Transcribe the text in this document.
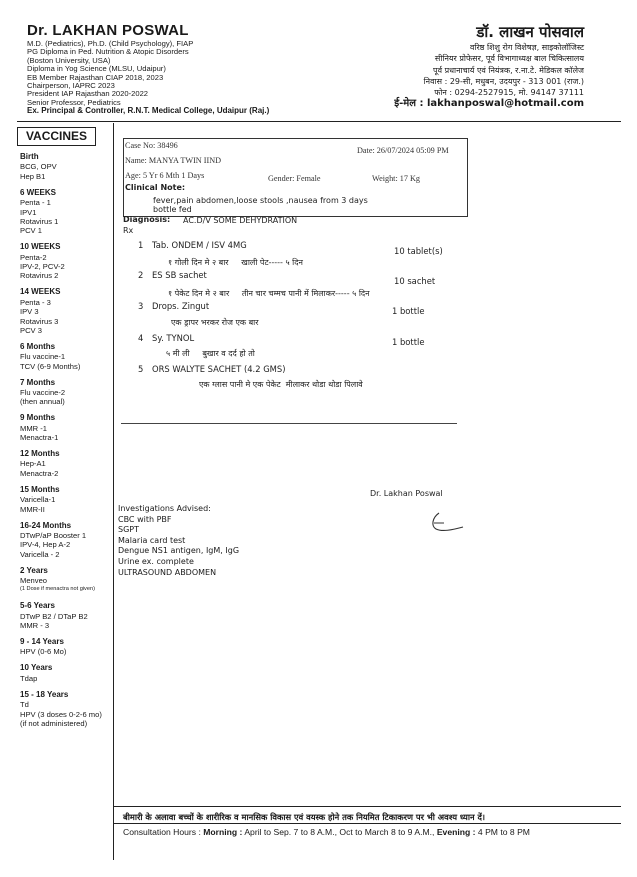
Dr. LAKHAN POSWAL
M.D. (Pediatrics), Ph.D. (Child Psychology), FIAP
PG Diploma in Ped. Nutrition & Atopic Disorders
(Boston University, USA)
Diploma in Yog Science (MLSU, Udaipur)
EB Member Rajasthan CIAP 2018, 2023
Chairperson, IAPRC 2023
President IAP Rajasthan 2020-2022
Senior Professor, Pediatrics
Ex. Principal & Controller, R.N.T. Medical College, Udaipur (Raj.)
डॉ. लाखन पोसवाल
वरिष्ठ शिशु रोग विशेषज्ञ, साइकोलॉजिस्ट
सीनियर प्रोफेसर, पूर्व विभागाध्यक्ष बाल चिकित्सालय
पूर्व प्रधानाचार्य एवं नियंत्रक, र.ना.टे. मेडिकल कॉलेज
निवास : 29-सी, मधुबन, उदयपुर - 313 001 (राज.)
फोन : 0294-2527915, मो. 94147 37111
ई-मेल : lakhanposwal@hotmail.com
VACCINES
Birth
BCG, OPV
Hep B1
6 WEEKS
Penta - 1
IPV1
Rotavirus 1
PCV 1
10 WEEKS
Penta-2
IPV-2, PCV-2
Rotavirus 2
14 WEEKS
Penta - 3
IPV 3
Rotavirus 3
PCV 3
6 Months
Flu vaccine-1
TCV (6-9 Months)
7 Months
Flu vaccine-2
(then annual)
9 Months
MMR -1
Menactra-1
12 Months
Hep-A1
Menactra-2
15 Months
Varicella-1
MMR-II
16-24 Months
DTwP/aP Booster 1
IPV-4, Hep A-2
Varicella - 2
2 Years
Menveo
(1 Dose if menactra not given)
5-6 Years
DTwP B2 / DTaP B2
MMR - 3
9 - 14 Years
HPV (0-6 Mo)
10 Years
Tdap
15 - 18 Years
Td
HPV (3 doses 0-2-6 mo)
(if not administered)
Case No: 38496
Date: 26/07/2024 05:09 PM
Name: MANYA TWIN IIND
Age: 5 Yr 6 Mth 1 Days	Gender: Female	Weight: 17 Kg
Clinical Note:
fever,pain abdomen,loose stools ,nausea from 3 days
bottle fed
Diagnosis: AC.D/V SOME DEHYDRATION
Rx
1 Tab. ONDEM / ISV 4MG
10 tablet(s)
१ गोली दिन मे २ बार     खाली पेट----- ५ दिन
2 ES SB sachet
10 sachet
१ पेकेट दिन मे २ बार     तीन चार चम्मच पानी में मिलाकर----- ५ दिन
3 Drops. Zingut	1 bottle
एक ड्रापर भरकर रोज एक बार
4 Sy. TYNOL	1 bottle
५ मी ली     बुखार व दर्द हो तो
5 ORS WALYTE SACHET (4.2 GMS)
एक ग्लास पानी मे एक पेकेट  मीलाकर थोडा थोडा पिलावे
Dr. Lakhan Poswal
Investigations Advised:
CBC with PBF
SGPT
Malaria card test
Dengue NS1 antigen, IgM, IgG
Urine ex. complete
ULTRASOUND ABDOMEN
बीमारी के अलावा बच्चों के शारीरिक व मानसिक विकास एवं वयस्क होने तक नियमित टिकाकरण पर भी अवश्य ध्यान दें।
Consultation Hours : Morning : April to Sep. 7 to 8 A.M., Oct to March 8 to 9 A.M., Evening : 4 PM to 8 PM
